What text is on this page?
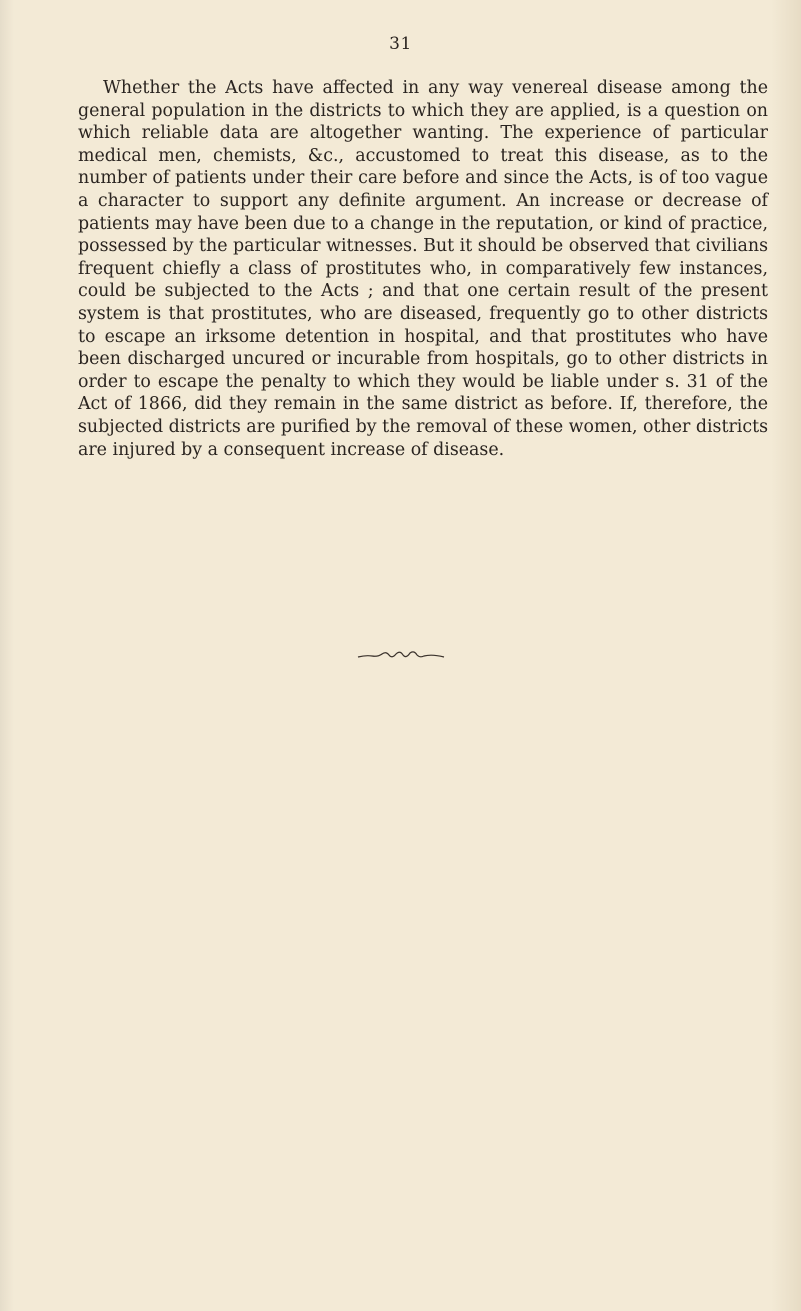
31
Whether the Acts have affected in any way venereal disease among the general population in the districts to which they are applied, is a question on which reliable data are altogether wanting. The experience of particular medical men, chemists, &c., accustomed to treat this disease, as to the number of patients under their care before and since the Acts, is of too vague a character to support any definite argument. An increase or decrease of patients may have been due to a change in the reputation, or kind of practice, possessed by the particular witnesses. But it should be observed that civilians frequent chiefly a class of prostitutes who, in comparatively few instances, could be subjected to the Acts ; and that one certain result of the present system is that prostitutes, who are diseased, frequently go to other districts to escape an irksome detention in hospital, and that prostitutes who have been discharged uncured or incurable from hospitals, go to other districts in order to escape the penalty to which they would be liable under s. 31 of the Act of 1866, did they remain in the same district as before. If, therefore, the subjected districts are purified by the removal of these women, other districts are injured by a consequent increase of disease.
